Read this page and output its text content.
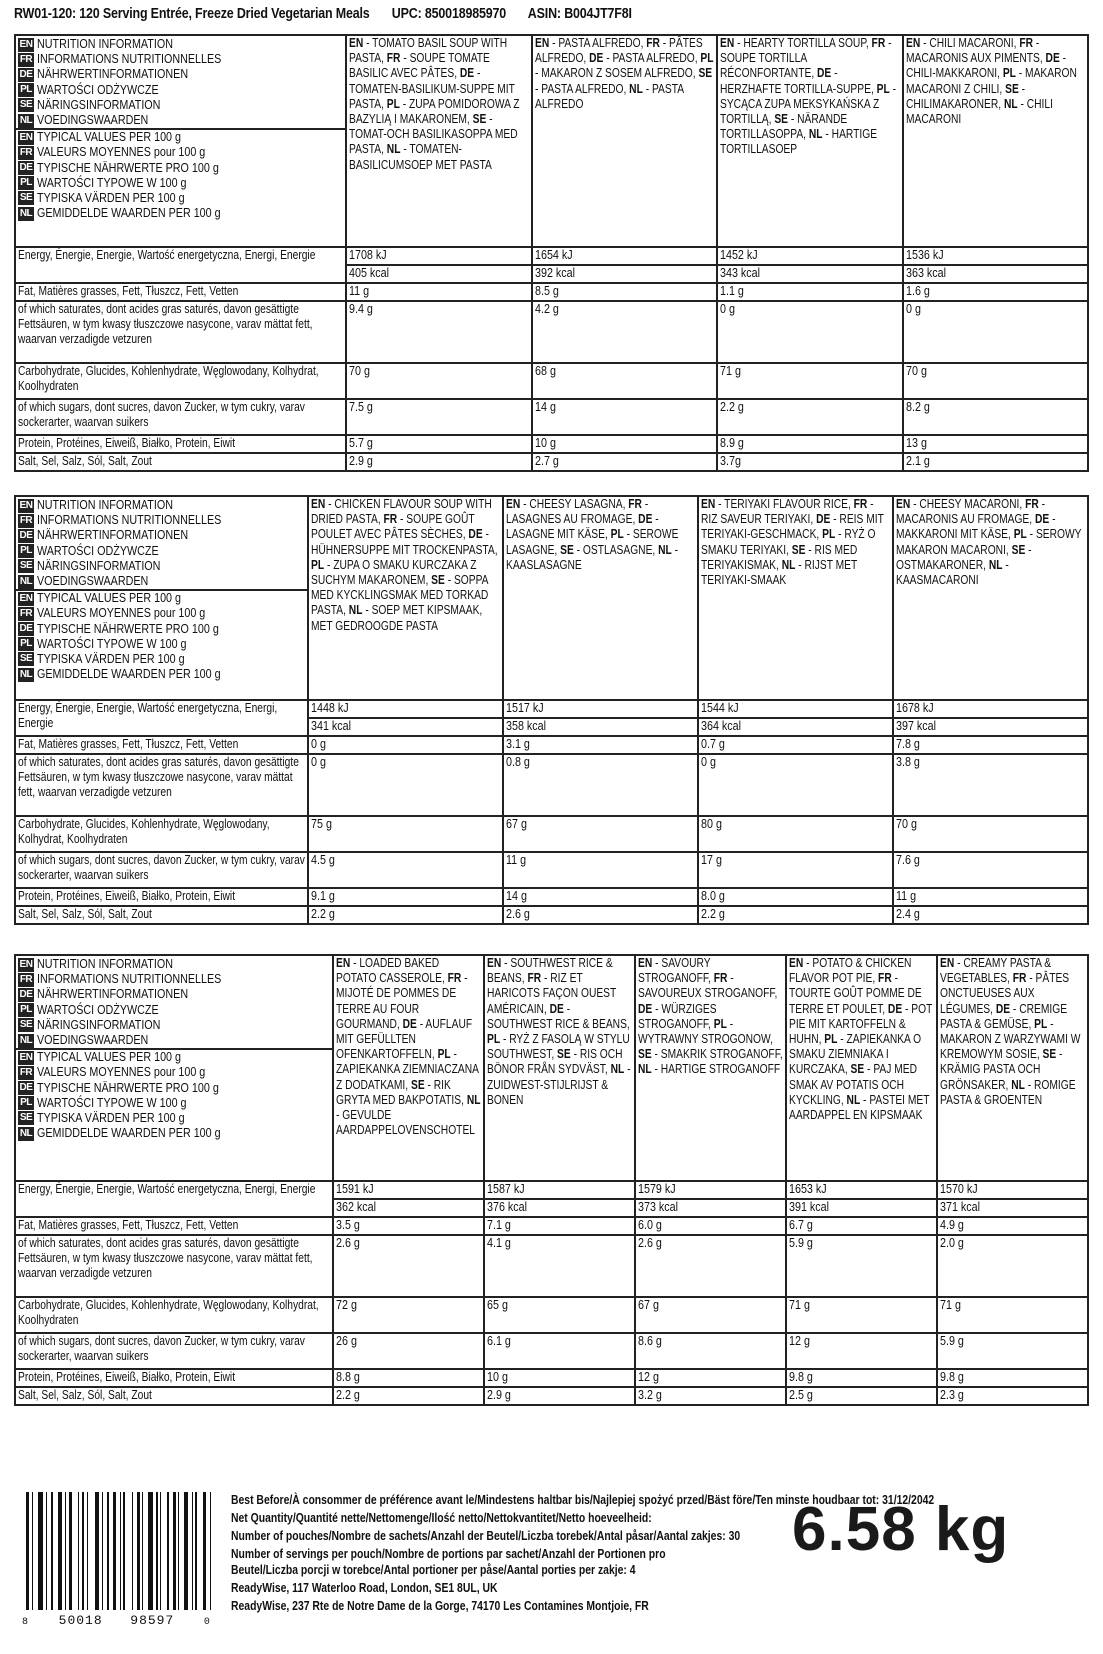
RW01-120: 120 Serving Entrée, Freeze Dried Vegetarian Meals UPC: 850018985970 ASIN: B004JT7F8I
EN NUTRITION INFORMATION
FR INFORMATIONS NUTRITIONNELLES
DE NÄHRWERTINFORMATIONEN
PL WARTOŚCI ODŻYWCZE
SE NÄRINGSINFORMATION
NL VOEDINGSWAARDEN
EN TYPICAL VALUES PER 100 g
FR VALEURS MOYENNES pour 100 g
DE TYPISCHE NÄHRWERTE PRO 100 g
PL WARTOŚCI TYPOWE W 100 g
SE TYPISKA VÄRDEN PER 100 g
NL GEMIDDELDE WAARDEN PER 100 g
	EN - TOMATO BASIL SOUP WITH PASTA, FR - SOUPE TOMATE BASILIC AVEC PÂTES, DE - TOMATEN-BASILIKUM-SUPPE MIT PASTA, PL - ZUPA POMIDOROWA Z BAZYLIĄ I MAKARONEM, SE - TOMAT-OCH BASILIKASOPPA MED PASTA, NL - TOMATEN-BASILICUMSOEP MET PASTA	EN - PASTA ALFREDO, FR - PÂTES ALFREDO, DE - PASTA ALFREDO, PL - MAKARON Z SOSEM ALFREDO, SE - PASTA ALFREDO, NL - PASTA ALFREDO	EN - HEARTY TORTILLA SOUP, FR - SOUPE TORTILLA RÉCONFORTANTE, DE - HERZHAFTE TORTILLA-SUPPE, PL - SYCĄCA ZUPA MEKSYKAŃSKA Z TORTILLĄ, SE - NÄRANDE TORTILLASOPPA, NL - HARTIGE TORTILLASOEP	EN - CHILI MACARONI, FR - MACARONIS AUX PIMENTS, DE - CHILI-MAKKARONI, PL - MAKARON MACARONI Z CHILI, SE - CHILIMAKARONER, NL - CHILI MACARONI
Energy, Énergie, Energie, Wartość energetyczna, Energi, Energie	1708 kJ	1654 kJ	1452 kJ	1536 kJ
	405 kcal	392 kcal	343 kcal	363 kcal
Fat, Matières grasses, Fett, Tłuszcz, Fett, Vetten	11 g	8.5 g	1.1 g	1.6 g
of which saturates, dont acides gras saturés, davon gesättigte Fettsäuren, w tym kwasy tłuszczowe nasycone, varav mättat fett, waarvan verzadigde vetzuren	9.4 g	4.2 g	0 g	0 g
Carbohydrate, Glucides, Kohlenhydrate, Węglowodany, Kolhydrat, Koolhydraten	70 g	68 g	71 g	70 g
of which sugars, dont sucres, davon Zucker, w tym cukry, varav sockerarter, waarvan suikers	7.5 g	14 g	2.2 g	8.2 g
Protein, Protéines, Eiweiß, Białko, Protein, Eiwit	5.7 g	10 g	8.9 g	13 g
Salt, Sel, Salz, Sól, Salt, Zout	2.9 g	2.7 g	3.7g	2.1 g
EN NUTRITION INFORMATION
FR INFORMATIONS NUTRITIONNELLES
DE NÄHRWERTINFORMATIONEN
PL WARTOŚCI ODŻYWCZE
SE NÄRINGSINFORMATION
NL VOEDINGSWAARDEN
EN TYPICAL VALUES PER 100 g
FR VALEURS MOYENNES pour 100 g
DE TYPISCHE NÄHRWERTE PRO 100 g
PL WARTOŚCI TYPOWE W 100 g
SE TYPISKA VÄRDEN PER 100 g
NL GEMIDDELDE WAARDEN PER 100 g
	EN - CHICKEN FLAVOUR SOUP WITH DRIED PASTA, FR - SOUPE GOÛT POULET AVEC PÂTES SÈCHES, DE - HÜHNERSUPPE MIT TROCKENPASTA, PL - ZUPA O SMAKU KURCZAKA Z SUCHYM MAKARONEM, SE - SOPPA MED KYCKLINGSMAK MED TORKAD PASTA, NL - SOEP MET KIPSMAAK, MET GEDROOGDE PASTA	EN - CHEESY LASAGNA, FR - LASAGNES AU FROMAGE, DE - LASAGNE MIT KÄSE, PL - SEROWE LASAGNE, SE - OSTLASAGNE, NL - KAASLASAGNE	EN - TERIYAKI FLAVOUR RICE, FR - RIZ SAVEUR TERIYAKI, DE - REIS MIT TERIYAKI-GESCHMACK, PL - RYŻ O SMAKU TERIYAKI, SE - RIS MED TERIYAKISMAK, NL - RIJST MET TERIYAKI-SMAAK	EN - CHEESY MACARONI, FR - MACARONIS AU FROMAGE, DE - MAKKARONI MIT KÄSE, PL - SEROWY MAKARON MACARONI, SE - OSTMAKARONER, NL - KAASMACARONI
Energy, Énergie, Energie, Wartość energetyczna, Energi, Energie	1448 kJ	1517 kJ	1544 kJ	1678 kJ
	341 kcal	358 kcal	364 kcal	397 kcal
Fat, Matières grasses, Fett, Tłuszcz, Fett, Vetten	0 g	3.1 g	0.7 g	7.8 g
of which saturates, dont acides gras saturés, davon gesättigte Fettsäuren, w tym kwasy tłuszczowe nasycone, varav mättat fett, waarvan verzadigde vetzuren	0 g	0.8 g	0 g	3.8 g
Carbohydrate, Glucides, Kohlenhydrate, Węglowodany, Kolhydrat, Koolhydraten	75 g	67 g	80 g	70 g
of which sugars, dont sucres, davon Zucker, w tym cukry, varav sockerarter, waarvan suikers	4.5 g	11 g	17 g	7.6 g
Protein, Protéines, Eiweiß, Białko, Protein, Eiwit	9.1 g	14 g	8.0 g	11 g
Salt, Sel, Salz, Sól, Salt, Zout	2.2 g	2.6 g	2.2 g	2.4 g
EN NUTRITION INFORMATION
FR INFORMATIONS NUTRITIONNELLES
DE NÄHRWERTINFORMATIONEN
PL WARTOŚCI ODŻYWCZE
SE NÄRINGSINFORMATION
NL VOEDINGSWAARDEN
EN TYPICAL VALUES PER 100 g
FR VALEURS MOYENNES pour 100 g
DE TYPISCHE NÄHRWERTE PRO 100 g
PL WARTOŚCI TYPOWE W 100 g
SE TYPISKA VÄRDEN PER 100 g
NL GEMIDDELDE WAARDEN PER 100 g
	EN - LOADED BAKED POTATO CASSEROLE, FR - MIJOTÉ DE POMMES DE TERRE AU FOUR GOURMAND, DE - AUFLAUF MIT GEFÜLLTEN OFENKARTOFFELN, PL - ZAPIEKANKA ZIEMNIACZANA Z DODATKAMI, SE - RIK GRYTA MED BAKPOTATIS, NL - GEVULDE AARDAPPELOVENSCHOTEL	EN - SOUTHWEST RICE & BEANS, FR - RIZ ET HARICOTS FAÇON OUEST AMÉRICAIN, DE - SOUTHWEST RICE & BEANS, PL - RYŻ Z FASOLĄ W STYLU SOUTHWEST, SE - RIS OCH BÖNOR FRÅN SYDVÄST, NL - ZUIDWEST-STIJLRIJST & BONEN	EN - SAVOURY STROGANOFF, FR - SAVOUREUX STROGANOFF, DE - WÜRZIGES STROGANOFF, PL - WYTRAWNY STROGONOW, SE - SMAKRIK STROGANOFF, NL - HARTIGE STROGANOFF	EN - POTATO & CHICKEN FLAVOR POT PIE, FR - TOURTE GOÛT POMME DE TERRE ET POULET, DE - POT PIE MIT KARTOFFELN & HUHN, PL - ZAPIEKANKA O SMAKU ZIEMNIAKA I KURCZAKA, SE - PAJ MED SMAK AV POTATIS OCH KYCKLING, NL - PASTEI MET AARDAPPEL EN KIPSMAAK	EN - CREAMY PASTA & VEGETABLES, FR - PÂTES ONCTUEUSES AUX LÉGUMES, DE - CREMIGE PASTA & GEMÜSE, PL - MAKARON Z WARZYWAMI W KREMOWYM SOSIE, SE - KRÄMIG PASTA OCH GRÖNSAKER, NL - ROMIGE PASTA & GROENTEN
Energy, Énergie, Energie, Wartość energetyczna, Energi, Energie	1591 kJ	1587 kJ	1579 kJ	1653 kJ	1570 kJ
	362 kcal	376 kcal	373 kcal	391 kcal	371 kcal
Fat, Matières grasses, Fett, Tłuszcz, Fett, Vetten	3.5 g	7.1 g	6.0 g	6.7 g	4.9 g
of which saturates, dont acides gras saturés, davon gesättigte Fettsäuren, w tym kwasy tłuszczowe nasycone, varav mättat fett, waarvan verzadigde vetzuren	2.6 g	4.1 g	2.6 g	5.9 g	2.0 g
Carbohydrate, Glucides, Kohlenhydrate, Węglowodany, Kolhydrat, Koolhydraten	72 g	65 g	67 g	71 g	71 g
of which sugars, dont sucres, davon Zucker, w tym cukry, varav sockerarter, waarvan suikers	26 g	6.1 g	8.6 g	12 g	5.9 g
Protein, Protéines, Eiweiß, Białko, Protein, Eiwit	8.8 g	10 g	12 g	9.8 g	9.8 g
Salt, Sel, Salz, Sól, Salt, Zout	2.2 g	2.9 g	3.2 g	2.5 g	2.3 g
8 50018 98597	0
Best Before/À consommer de préférence avant le/Mindestens haltbar bis/Najlepiej spożyć przed/Bäst före/Ten minste houdbaar tot: 31/12/2042
Net Quantity/Quantité nette/Nettomenge/Ilość netto/Nettokvantitet/Netto hoeveelheid:
Number of pouches/Nombre de sachets/Anzahl der Beutel/Liczba torebek/Antal påsar/Aantal zakjes: 30
Number of servings per pouch/Nombre de portions par sachet/Anzahl der Portionen pro
Beutel/Liczba porcji w torebce/Antal portioner per påse/Aantal porties per zakje: 4
ReadyWise, 117 Waterloo Road, London, SE1 8UL, UK
ReadyWise, 237 Rte de Notre Dame de la Gorge, 74170 Les Contamines Montjoie, FR
6.58 kg
